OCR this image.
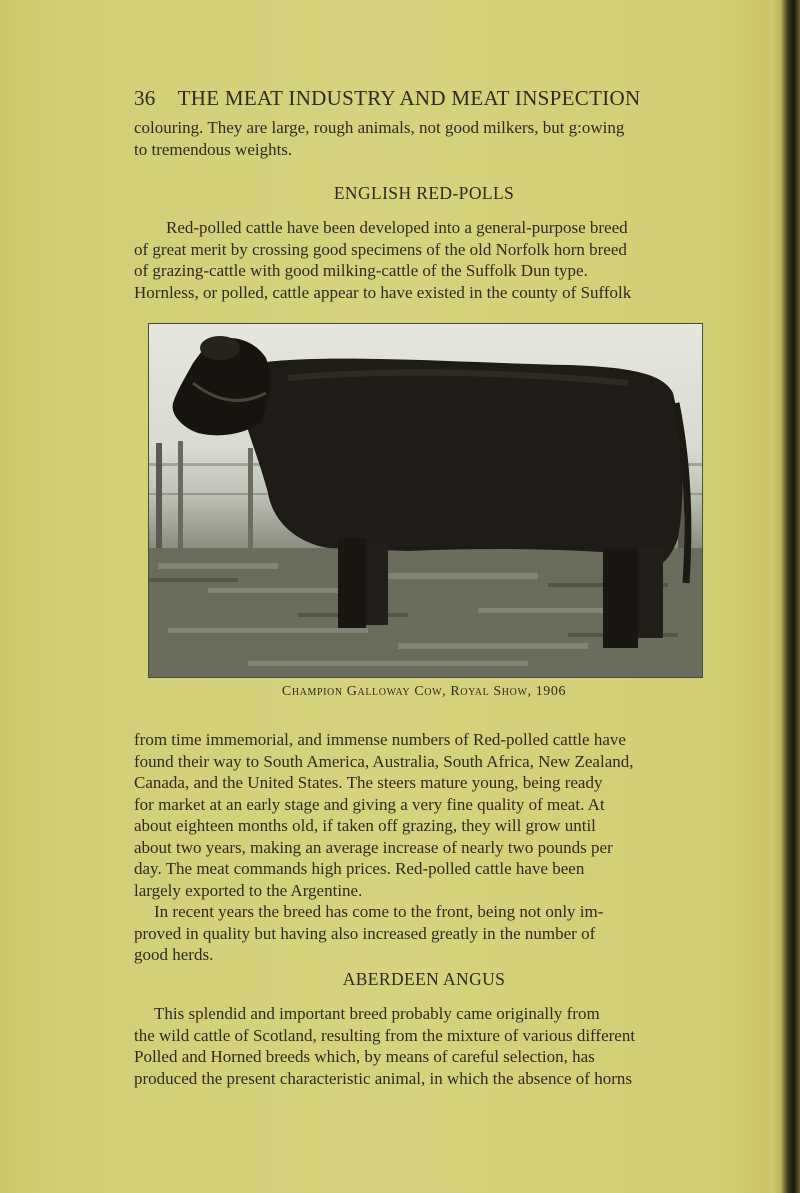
36 THE MEAT INDUSTRY AND MEAT INSPECTION
colouring. They are large, rough animals, not good milkers, but g:owing
to tremendous weights.
ENGLISH RED-POLLS
Red-polled cattle have been developed into a general-purpose breed
of great merit by crossing good specimens of the old Norfolk horn breed
of grazing-cattle with good milking-cattle of the Suffolk Dun type.
Hornless, or polled, cattle appear to have existed in the county of Suffolk
Champion Galloway Cow, Royal Show, 1906
from time immemorial, and immense numbers of Red-polled cattle have
found their way to South America, Australia, South Africa, New Zealand,
Canada, and the United States. The steers mature young, being ready
for market at an early stage and giving a very fine quality of meat. At
about eighteen months old, if taken off grazing, they will grow until
about two years, making an average increase of nearly two pounds per
day. The meat commands high prices. Red-polled cattle have been
largely exported to the Argentine.
In recent years the breed has come to the front, being not only im-
proved in quality but having also increased greatly in the number of
good herds.
ABERDEEN ANGUS
This splendid and important breed probably came originally from
the wild cattle of Scotland, resulting from the mixture of various different
Polled and Horned breeds which, by means of careful selection, has
produced the present characteristic animal, in which the absence of horns
